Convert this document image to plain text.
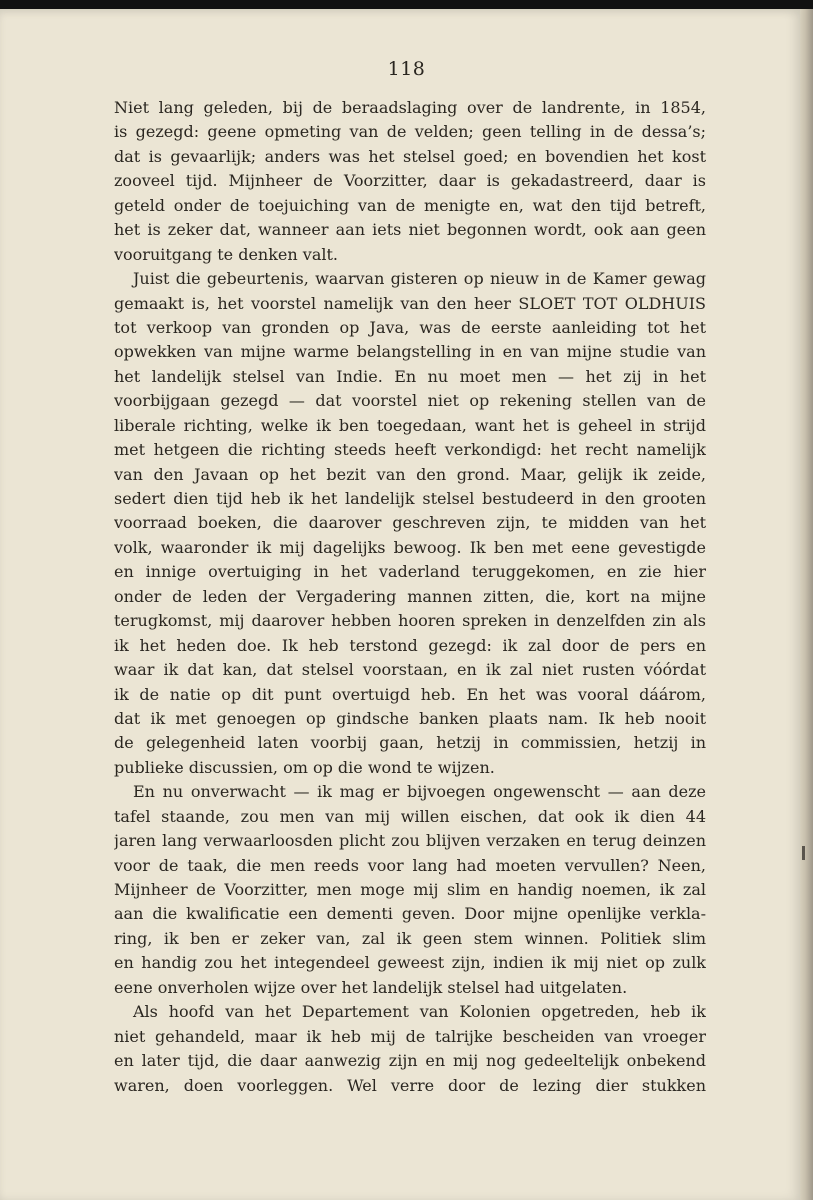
118
Niet lang geleden, bij de beraadslaging over de landrente, in 1854,
is gezegd: geene opmeting van de velden; geen telling in de dessa’s;
dat is gevaarlijk; anders was het stelsel goed; en bovendien het kost
zooveel tijd. Mijnheer de Voorzitter, daar is gekadastreerd, daar is
geteld onder de toejuiching van de menigte en, wat den tijd betreft,
het is zeker dat, wanneer aan iets niet begonnen wordt, ook aan geen
vooruitgang te denken valt.
Juist die gebeurtenis, waarvan gisteren op nieuw in de Kamer gewag
gemaakt is, het voorstel namelijk van den heer SLOET TOT OLDHUIS
tot verkoop van gronden op Java, was de eerste aanleiding tot het
opwekken van mijne warme belangstelling in en van mijne studie van
het landelijk stelsel van Indie. En nu moet men — het zij in het
voorbijgaan gezegd — dat voorstel niet op rekening stellen van de
liberale richting, welke ik ben toegedaan, want het is geheel in strijd
met hetgeen die richting steeds heeft verkondigd: het recht namelijk
van den Javaan op het bezit van den grond. Maar, gelijk ik zeide,
sedert dien tijd heb ik het landelijk stelsel bestudeerd in den grooten
voorraad boeken, die daarover geschreven zijn, te midden van het
volk, waaronder ik mij dagelijks bewoog. Ik ben met eene gevestigde
en innige overtuiging in het vaderland teruggekomen, en zie hier
onder de leden der Vergadering mannen zitten, die, kort na mijne
terugkomst, mij daarover hebben hooren spreken in denzelfden zin als
ik het heden doe. Ik heb terstond gezegd: ik zal door de pers en
waar ik dat kan, dat stelsel voorstaan, en ik zal niet rusten vóórdat
ik de natie op dit punt overtuigd heb. En het was vooral dáárom,
dat ik met genoegen op gindsche banken plaats nam. Ik heb nooit
de gelegenheid laten voorbij gaan, hetzij in commissien, hetzij in
publieke discussien, om op die wond te wijzen.
En nu onverwacht — ik mag er bijvoegen ongewenscht — aan deze
tafel staande, zou men van mij willen eischen, dat ook ik dien 44
jaren lang verwaarloosden plicht zou blijven verzaken en terug deinzen
voor de taak, die men reeds voor lang had moeten vervullen? Neen,
Mijnheer de Voorzitter, men moge mij slim en handig noemen, ik zal
aan die kwalificatie een dementi geven. Door mijne openlijke verkla-
ring, ik ben er zeker van, zal ik geen stem winnen. Politiek slim
en handig zou het integendeel geweest zijn, indien ik mij niet op zulk
eene onverholen wijze over het landelijk stelsel had uitgelaten.
Als hoofd van het Departement van Kolonien opgetreden, heb ik
niet gehandeld, maar ik heb mij de talrijke bescheiden van vroeger
en later tijd, die daar aanwezig zijn en mij nog gedeeltelijk onbekend
waren, doen voorleggen. Wel verre door de lezing dier stukken
